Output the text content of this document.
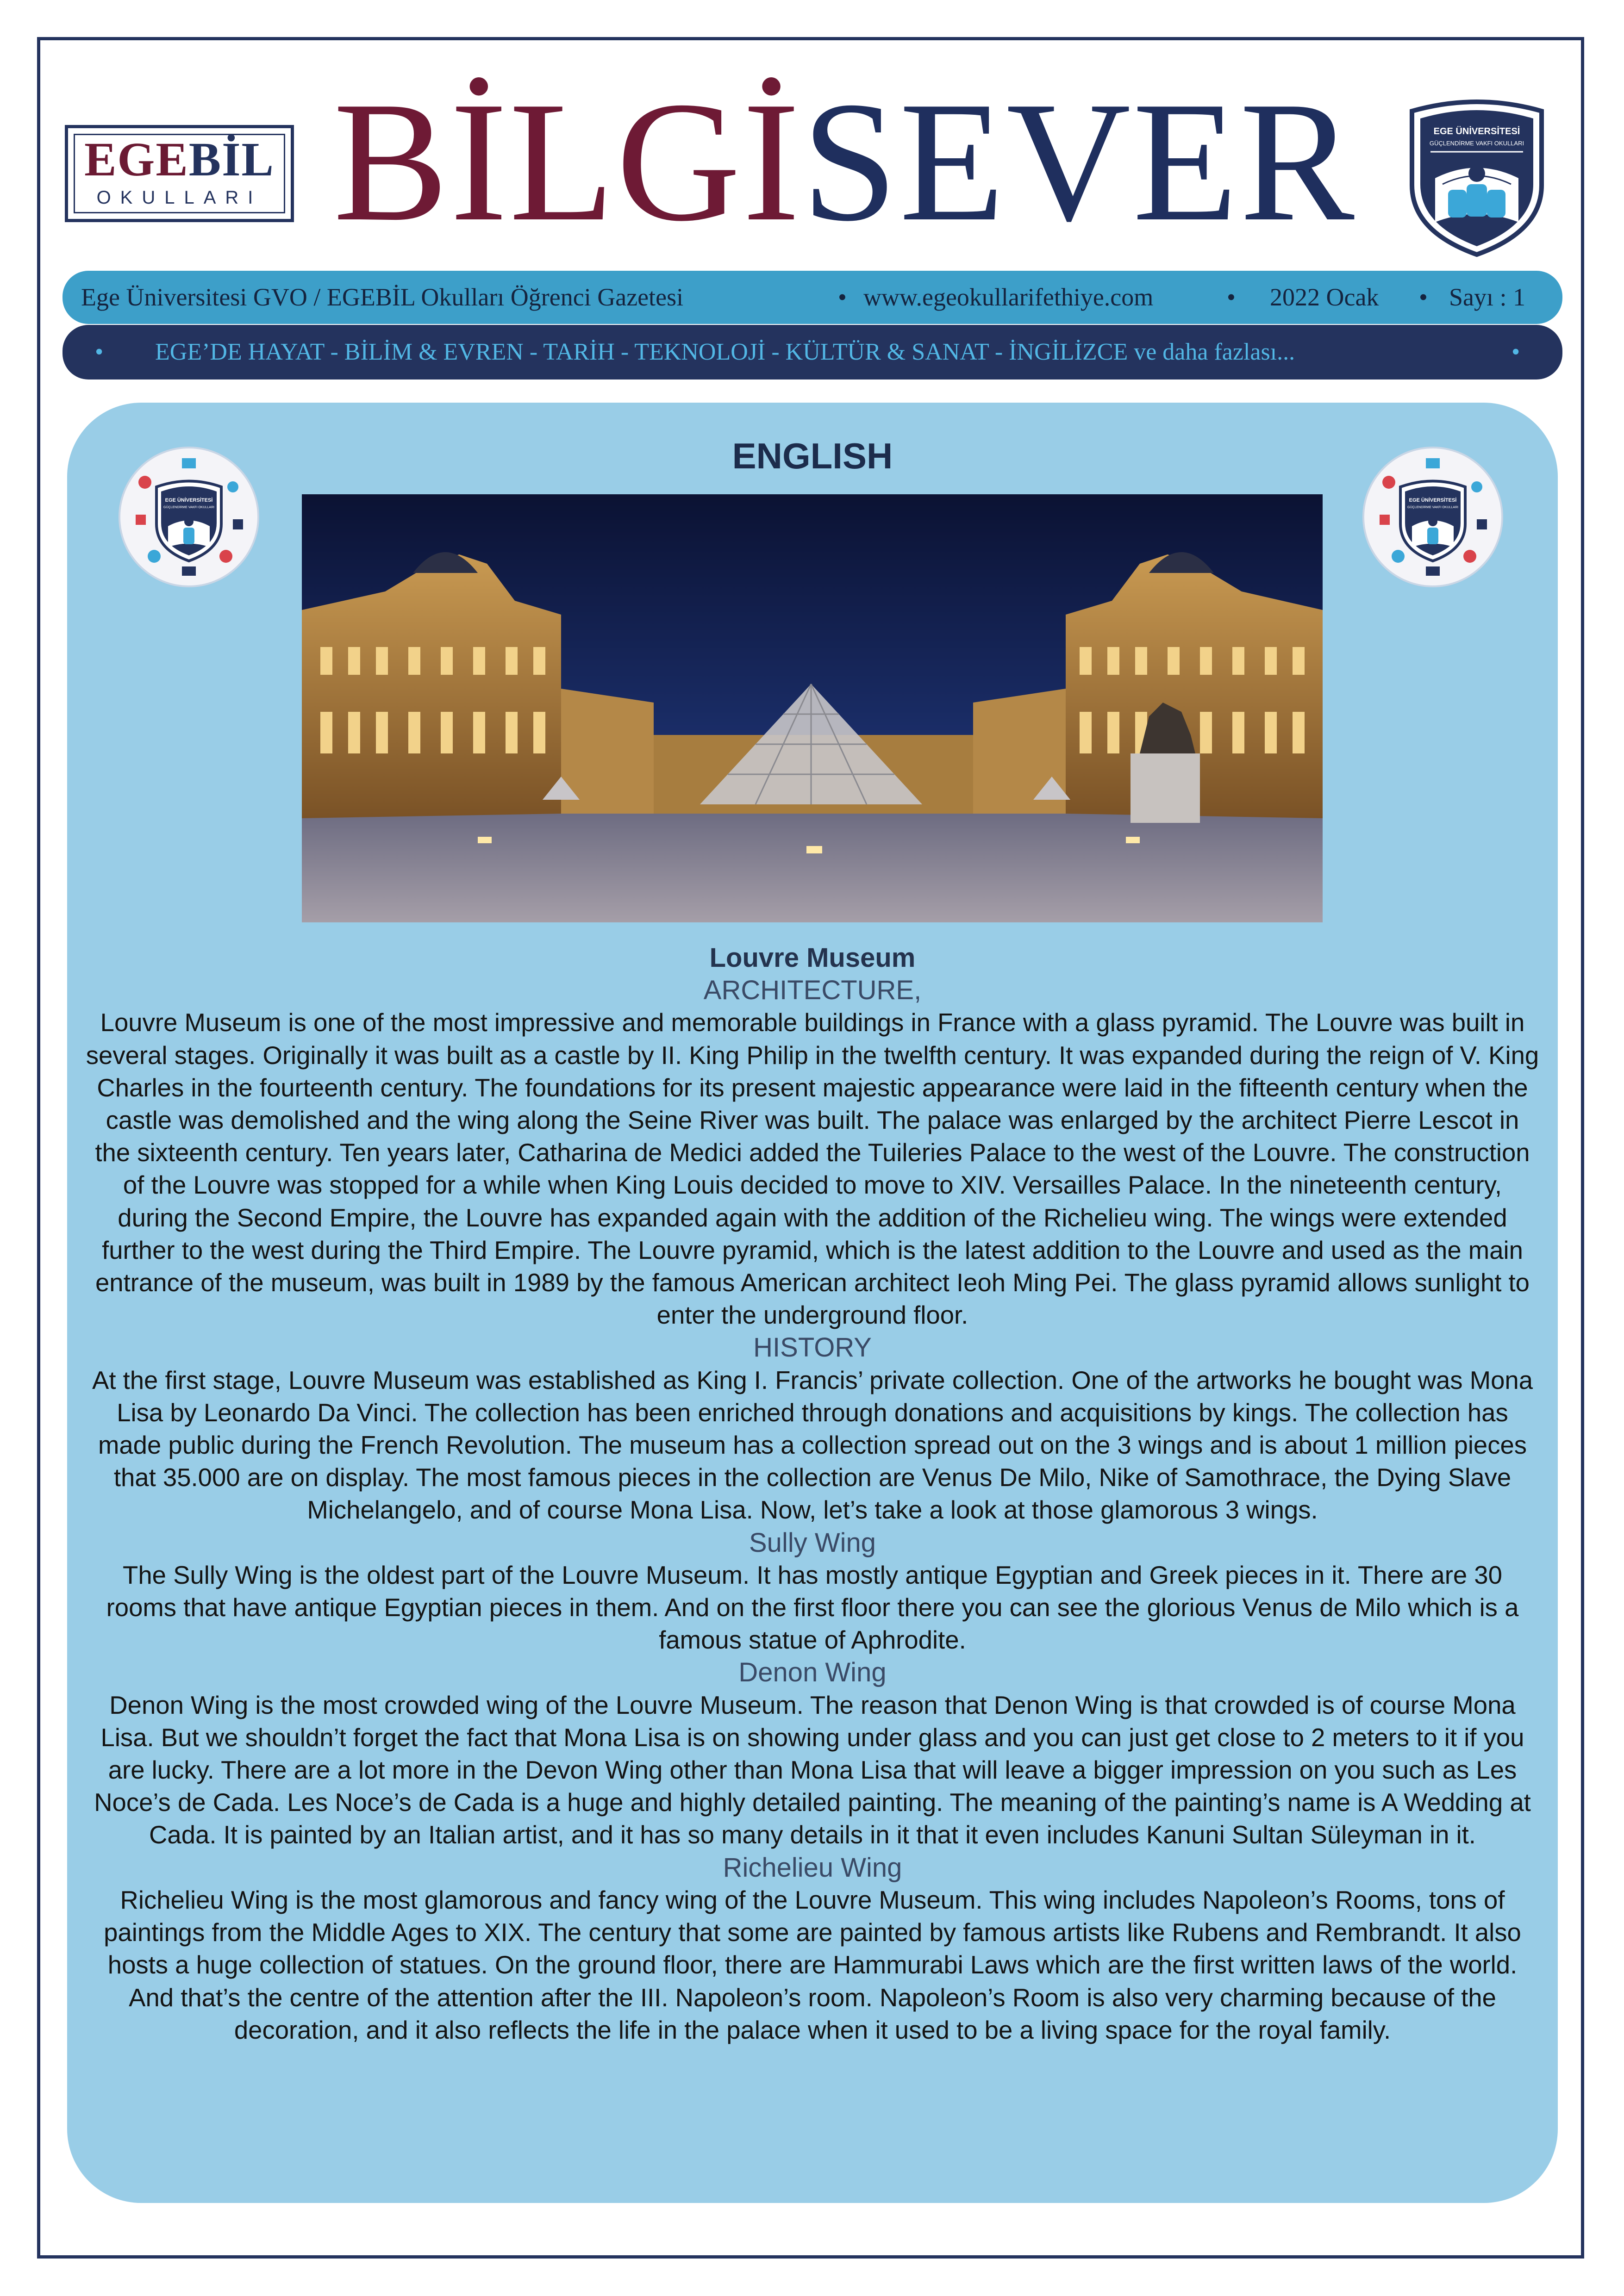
EGEBİL
OKULLARI BİLGİSEVER	EGE ÜNİVERSİTESİ
GÜÇLENDİRME VAKFI OKULLARI
Ege Üniversitesi GVO / EGEBİL Okulları Öğrenci Gazetesi	• www.egeokullarifethiye.com	• 2022 Ocak • Sayı : 1
• EGE’DE HAYAT - BİLİM & EVREN - TARİH - TEKNOLOJİ - KÜLTÜR & SANAT - İNGİLİZCE ve daha fazlası...	•
ENGLISH
EGE ÜNİVERSİTESİ
GÜÇLENDİRME VAKFI OKULLARI
EGE ÜNİVERSİTESİ
GÜÇLENDİRME VAKFI OKULLARI

Louvre Museum

ARCHITECTURE,

Louvre Museum is one of the most impressive and memorable buildings in France with a glass pyramid. The Louvre was built in several stages. Originally it was built as a castle by II. King Philip in the twelfth century. It was expanded during the reign of V. King Charles in the fourteenth century. The foundations for its present majestic appearance were laid in the fifteenth century when the castle was demolished and the wing along the Seine River was built. The palace was enlarged by the architect Pierre Lescot in the sixteenth century. Ten years later, Catharina de Medici added the Tuileries Palace to the west of the Louvre. The construction of the Louvre was stopped for a while when King Louis decided to move to XIV. Versailles Palace. In the nineteenth century, during the Second Empire, the Louvre has expanded again with the addition of the Richelieu wing. The wings were extended further to the west during the Third Empire. The Louvre pyramid, which is the latest addition to the Louvre and used as the main entrance of the museum, was built in 1989 by the famous American architect Ieoh Ming Pei. The glass pyramid allows sunlight to enter the underground floor.

HISTORY

At the first stage, Louvre Museum was established as King I. Francis’ private collection. One of the artworks he bought was Mona Lisa by Leonardo Da Vinci. The collection has been enriched through donations and acquisitions by kings. The collection has made public during the French Revolution. The museum has a collection spread out on the 3 wings and is about 1 million pieces that 35.000 are on display. The most famous pieces in the collection are Venus De Milo, Nike of Samothrace, the Dying Slave Michelangelo, and of course Mona Lisa. Now, let’s take a look at those glamorous 3 wings.

Sully Wing

The Sully Wing is the oldest part of the Louvre Museum. It has mostly antique Egyptian and Greek pieces in it. There are 30 rooms that have antique Egyptian pieces in them. And on the first floor there you can see the glorious Venus de Milo which is a famous statue of Aphrodite.

Denon Wing

Denon Wing is the most crowded wing of the Louvre Museum. The reason that Denon Wing is that crowded is of course Mona Lisa. But we shouldn’t forget the fact that Mona Lisa is on showing under glass and you can just get close to 2 meters to it if you are lucky. There are a lot more in the Devon Wing other than Mona Lisa that will leave a bigger impression on you such as Les Noce’s de Cada. Les Noce’s de Cada is a huge and highly detailed painting. The meaning of the painting’s name is A Wedding at Cada. It is painted by an Italian artist, and it has so many details in it that it even includes Kanuni Sultan Süleyman in it.

Richelieu Wing

Richelieu Wing is the most glamorous and fancy wing of the Louvre Museum. This wing includes Napoleon’s Rooms, tons of paintings from the Middle Ages to XIX. The century that some are painted by famous artists like Rubens and Rembrandt. It also hosts a huge collection of statues. On the ground floor, there are Hammurabi Laws which are the first written laws of the world. And that’s the centre of the attention after the III. Napoleon’s room. Napoleon’s Room is also very charming because of the decoration, and it also reflects the life in the palace when it used to be a living space for the royal family.
